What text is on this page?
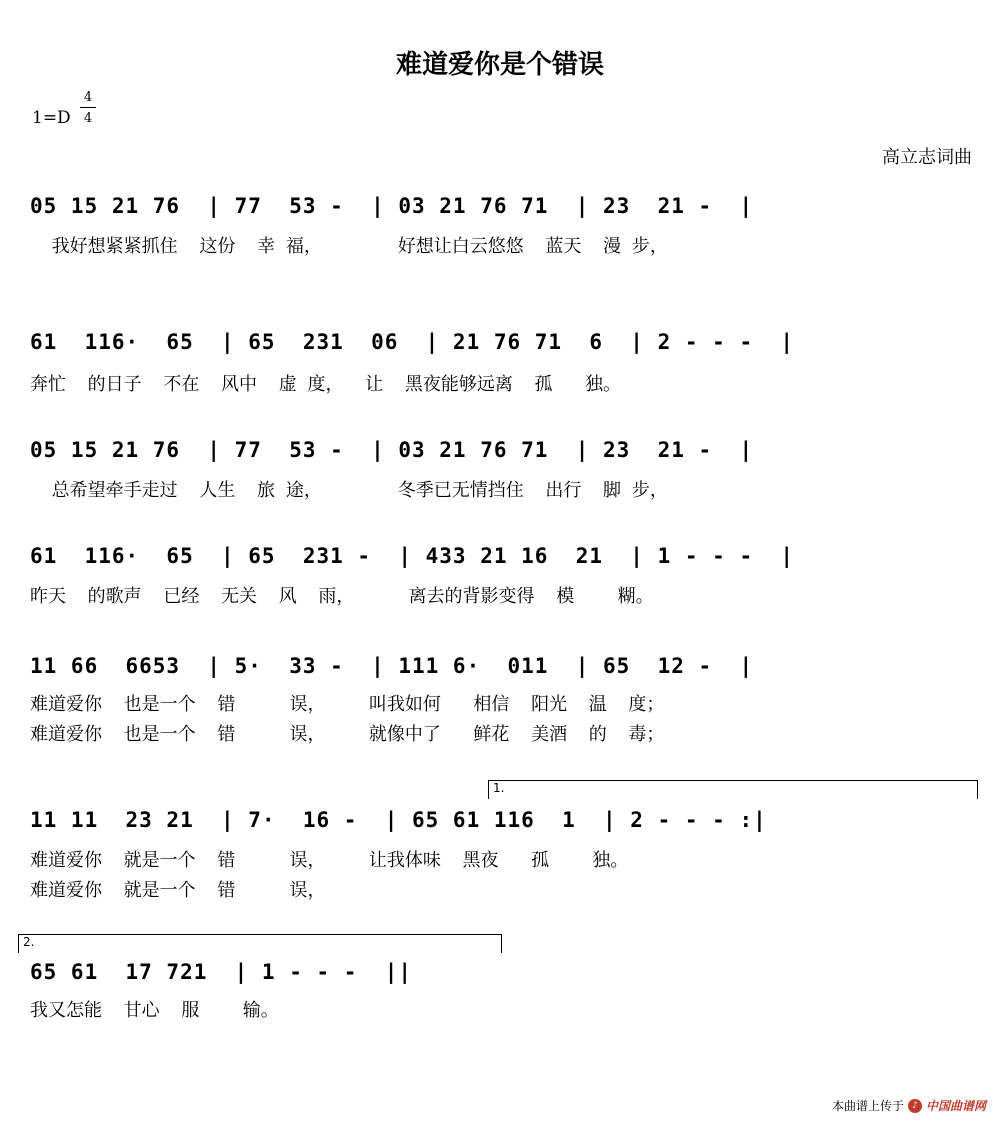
难道爱你是个错误
1=D
4
4
高立志词曲
05 15 21 76  | 77  53 -  | 03 21 76 71  | 23  21 -  |
我好想紧紧抓住  这份  幸 福，       好想让白云悠悠  蓝天  漫 步，
61  116·  65  | 65  231  06  | 21 76 71  6  | 2 - - -  |
奔忙  的日子  不在  风中  虚 度，  让  黑夜能够远离  孤   独。
05 15 21 76  | 77  53 -  | 03 21 76 71  | 23  21 -  |
总希望牵手走过  人生  旅 途，       冬季已无情挡住  出行  脚 步，
61  116·  65  | 65  231 -  | 433 21 16  21  | 1 - - -  |
昨天  的歌声  已经  无关  风  雨，     离去的背影变得  模    糊。
11 66  6653  | 5·  33 -  | 111 6·  011  | 65  12 -  |
难道爱你  也是一个  错     误，    叫我如何   相信  阳光  温  度；
难道爱你  也是一个  错     误，    就像中了   鲜花  美酒  的  毒；
1.
11 11  23 21  | 7·  16 -  | 65 61 116  1  | 2 - - - :|
难道爱你  就是一个  错     误，    让我体味  黑夜   孤    独。
难道爱你  就是一个  错     误，
2.
65 61  17 721  | 1 - - -  ||
我又怎能  甘心  服    输。
本曲谱上传于 ♪ 中国曲谱网
